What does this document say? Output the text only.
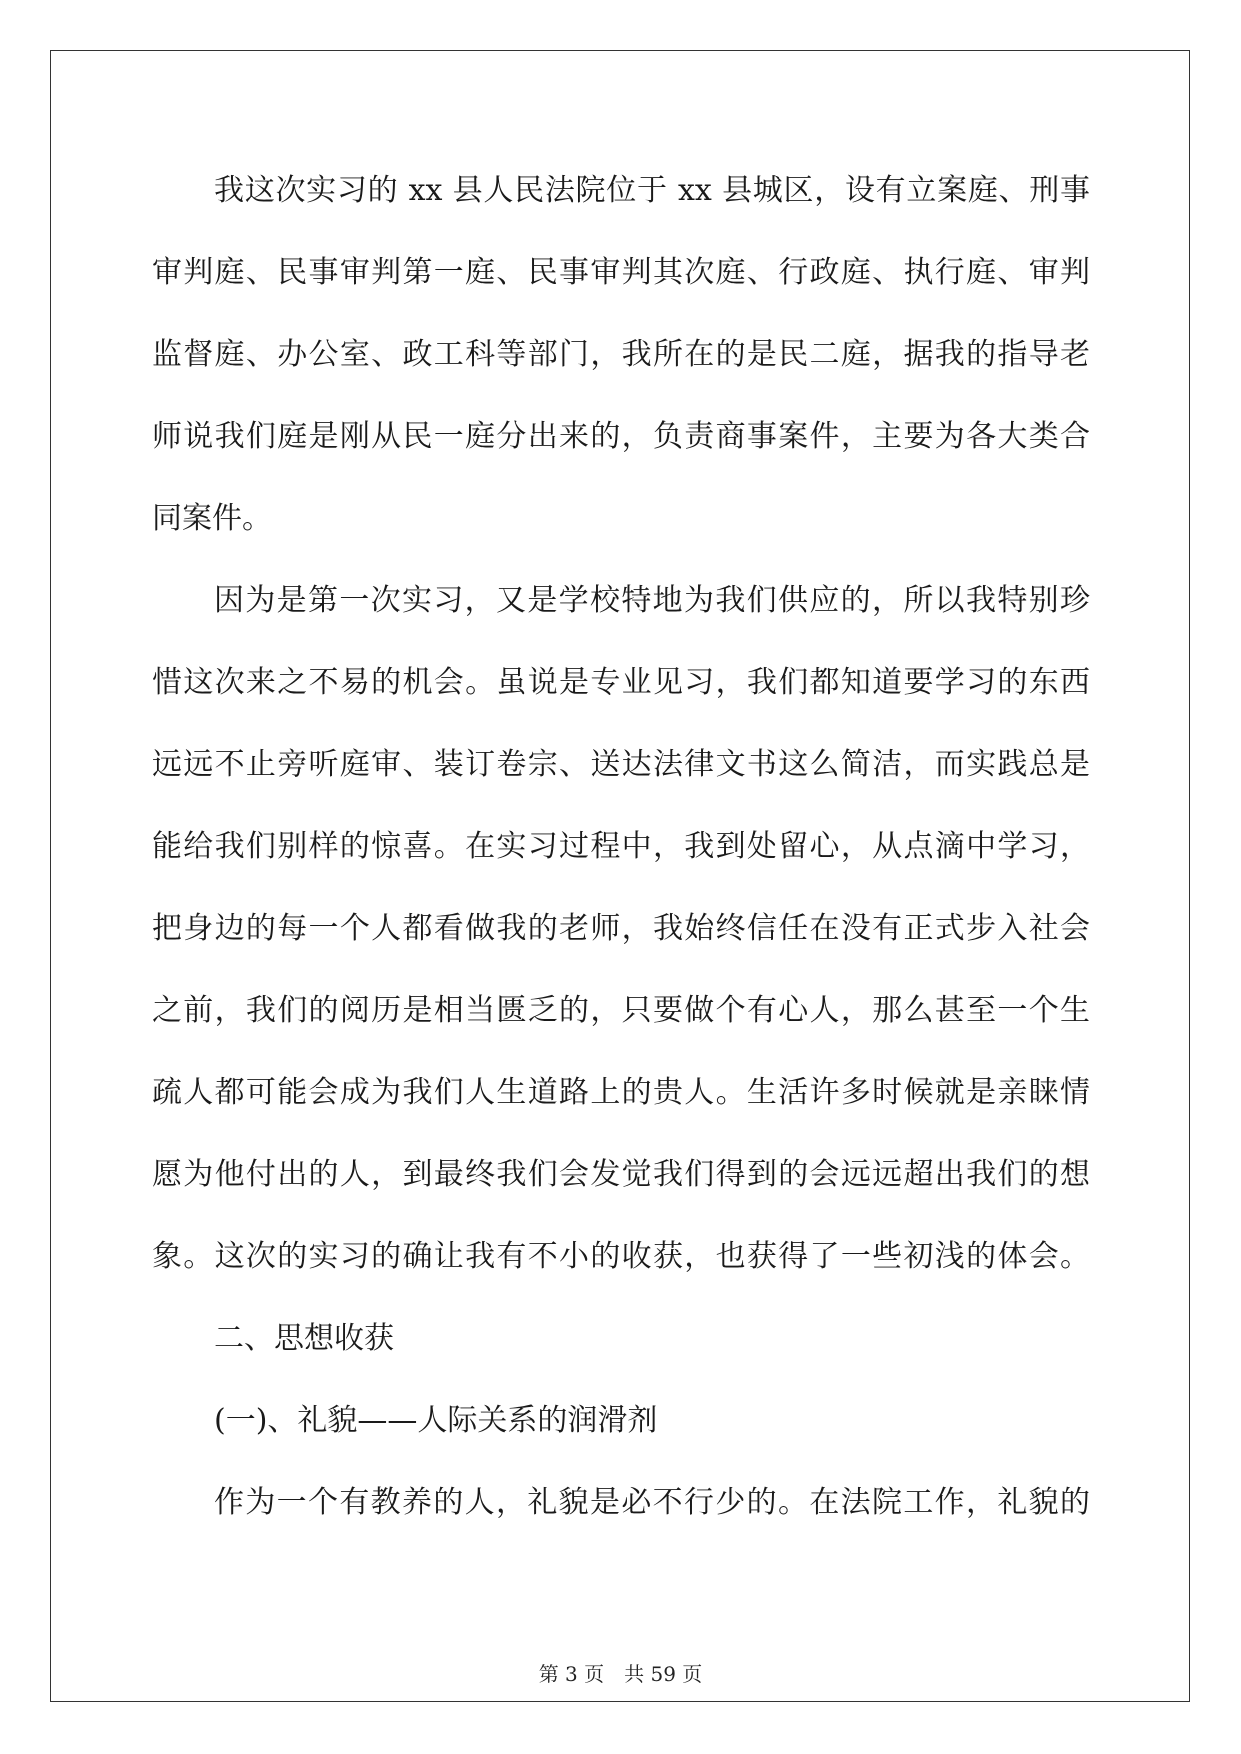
我这次实习的 xx 县人民法院位于 xx 县城区，设有立案庭、刑事
审判庭、民事审判第一庭、民事审判其次庭、行政庭、执行庭、审判
监督庭、办公室、政工科等部门，我所在的是民二庭，据我的指导老
师说我们庭是刚从民一庭分出来的，负责商事案件，主要为各大类合
同案件。
因为是第一次实习，又是学校特地为我们供应的，所以我特别珍
惜这次来之不易的机会。虽说是专业见习，我们都知道要学习的东西
远远不止旁听庭审、装订卷宗、送达法律文书这么简洁，而实践总是
能给我们别样的惊喜。在实习过程中，我到处留心，从点滴中学习，
把身边的每一个人都看做我的老师，我始终信任在没有正式步入社会
之前，我们的阅历是相当匮乏的，只要做个有心人，那么甚至一个生
疏人都可能会成为我们人生道路上的贵人。生活许多时候就是亲睐情
愿为他付出的人，到最终我们会发觉我们得到的会远远超出我们的想
象。这次的实习的确让我有不小的收获，也获得了一些初浅的体会。
二、思想收获
(一)、礼貌——人际关系的润滑剂
作为一个有教养的人，礼貌是必不行少的。在法院工作，礼貌的
第 3 页 共 59 页
